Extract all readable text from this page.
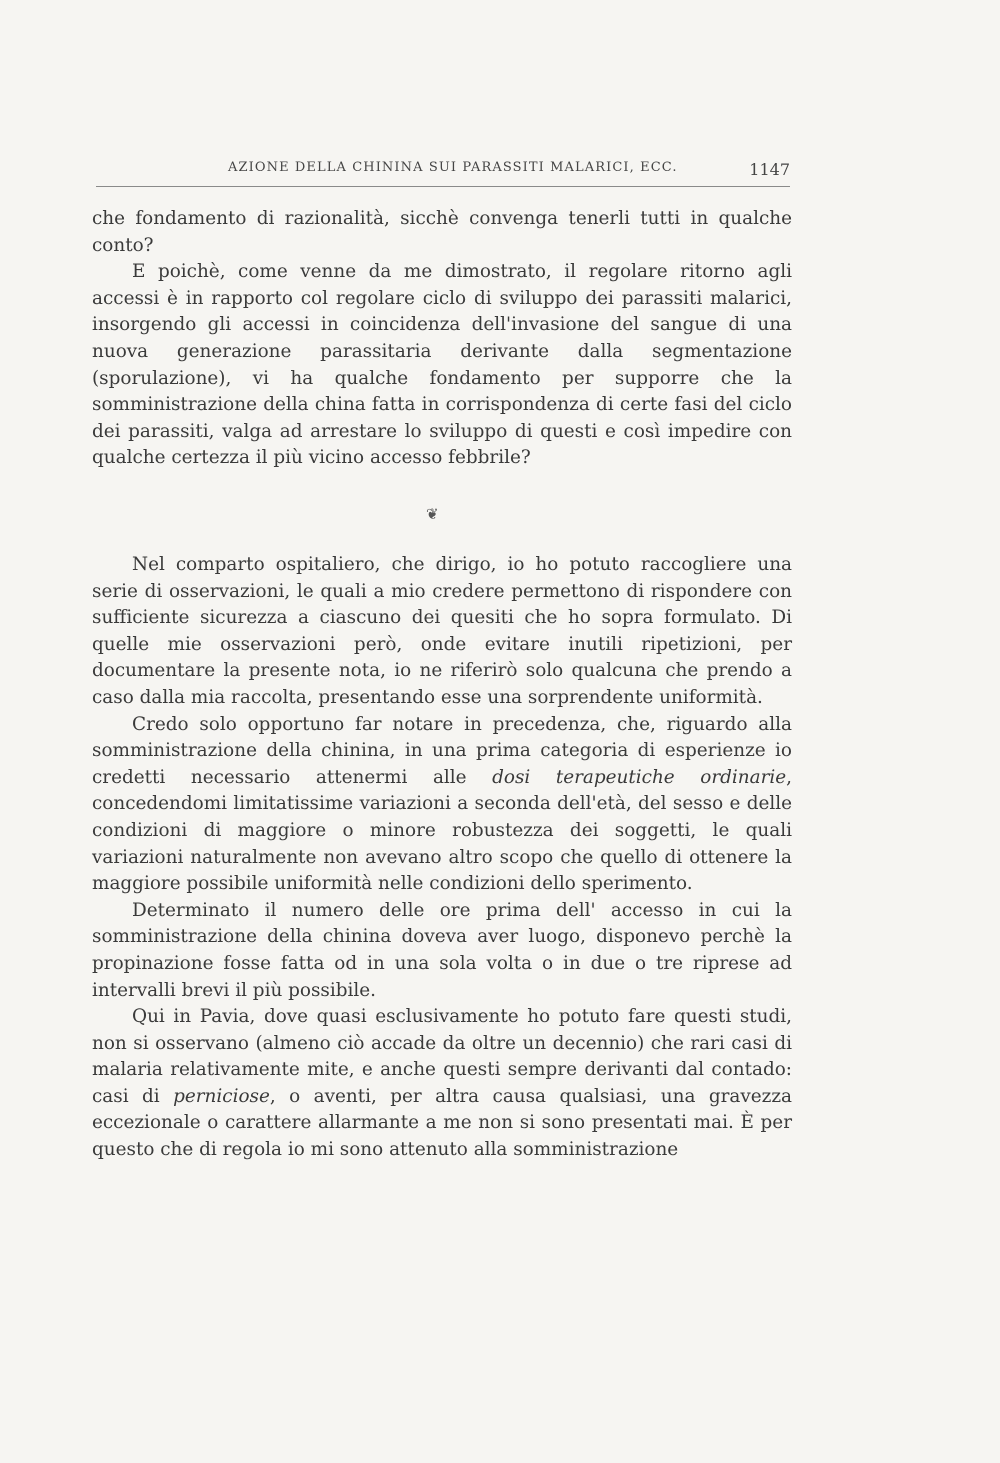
AZIONE DELLA CHININA SUI PARASSITI MALARICI, ECC.	1147

che fondamento di razionalità, sicchè convenga tenerli tutti in qualche conto?

E poichè, come venne da me dimostrato, il regolare ritorno agli accessi è in rapporto col regolare ciclo di sviluppo dei parassiti malarici, insorgendo gli accessi in coincidenza dell'invasione del sangue di una nuova generazione parassitaria derivante dalla segmentazione (sporulazione), vi ha qualche fondamento per supporre che la somministrazione della china fatta in corrispondenza di certe fasi del ciclo dei parassiti, valga ad arrestare lo sviluppo di questi e così impedire con qualche certezza il più vicino accesso febbrile?

❦

Nel comparto ospitaliero, che dirigo, io ho potuto raccogliere una serie di osservazioni, le quali a mio credere permettono di rispondere con sufficiente sicurezza a ciascuno dei quesiti che ho sopra formulato. Di quelle mie osservazioni però, onde evitare inutili ripetizioni, per documentare la presente nota, io ne riferirò solo qualcuna che prendo a caso dalla mia raccolta, presentando esse una sorprendente uniformità.

Credo solo opportuno far notare in precedenza, che, riguardo alla somministrazione della chinina, in una prima categoria di esperienze io credetti necessario attenermi alle dosi terapeutiche ordinarie, concedendomi limitatissime variazioni a seconda dell'età, del sesso e delle condizioni di maggiore o minore robustezza dei soggetti, le quali variazioni naturalmente non avevano altro scopo che quello di ottenere la maggiore possibile uniformità nelle condizioni dello sperimento.

Determinato il numero delle ore prima dell' accesso in cui la somministrazione della chinina doveva aver luogo, disponevo perchè la propinazione fosse fatta od in una sola volta o in due o tre riprese ad intervalli brevi il più possibile.

Qui in Pavia, dove quasi esclusivamente ho potuto fare questi studi, non si osservano (almeno ciò accade da oltre un decennio) che rari casi di malaria relativamente mite, e anche questi sempre derivanti dal contado: casi di perniciose, o aventi, per altra causa qualsiasi, una gravezza eccezionale o carattere allarmante a me non si sono presentati mai. È per questo che di regola io mi sono attenuto alla somministrazione
